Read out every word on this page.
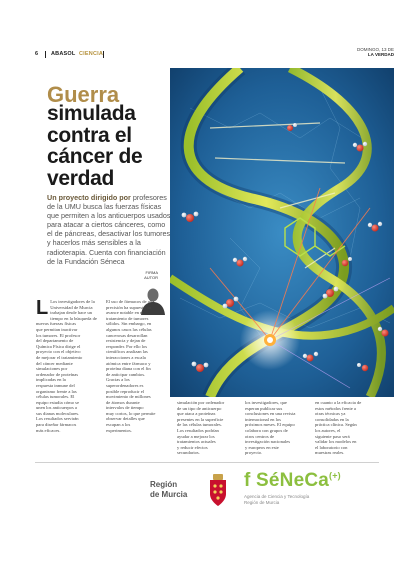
6 ABASOL CIENCIA
DOMINGO, 13 DE
LA VERDAD
Guerra
simulada contra el cáncer de verdad
Un proyecto dirigido por profesores de la UMU busca las fuerzas físicas que permiten a los anticuerpos usados para atacar a ciertos cánceres, como el de páncreas, desactivar los tumores y hacerlos más sensibles a la radioterapia. Cuenta con financiación de la Fundación Séneca
FIRMA
AUTOR
L Los investigadores de la
Universidad de Murcia
trabajan desde hace un
tiempo en la búsqueda de
nuevas fuerzas físicas
que permitan inactivar
los tumores. El profesor
del departamento de
Química Física dirige el
proyecto con el objetivo
de mejorar el tratamiento
del cáncer mediante
simulaciones por
ordenador de proteínas
implicadas en la
respuesta inmune del
organismo frente a las
células tumorales. El
equipo estudia cómo se
unen los anticuerpos a
sus dianas moleculares.
Los resultados servirán
para diseñar fármacos
más eficaces.
El uso de fármacos de alta
precisión ha supuesto un
avance notable en el
tratamiento de tumores
sólidos. Sin embargo, en
algunos casos las células
cancerosas desarrollan
resistencia y dejan de
responder. Por ello los
científicos analizan las
interacciones a escala
atómica entre fármaco y
proteína diana con el fin
de anticipar cambios.
Gracias a los
superordenadores es
posible reproducir el
movimiento de millones
de átomos durante
intervalos de tiempo
muy cortos, lo que permite
observar detalles que
escapan a los
experimentos.
simulación por ordenador
de un tipo de anticuerpo
que ataca a proteínas
presentes en la superficie
de las células tumorales.
Los resultados podrían
ayudar a mejorar los
tratamientos actuales
y reducir efectos
secundarios.
los investigadores, que
esperan publicar sus
conclusiones en una revista
internacional en los
próximos meses. El equipo
colabora con grupos de
otros centros de
investigación nacionales
y europeos en este
proyecto.
en cuanto a la eficacia de
estos métodos frente a
otras técnicas ya
consolidadas en la
práctica clínica. Según
los autores, el
siguiente paso será
validar los modelos en
el laboratorio con
muestras reales.
Región
de Murcia
f SéNeCa(+)
Agencia de Ciencia y Tecnología
Región de Murcia
